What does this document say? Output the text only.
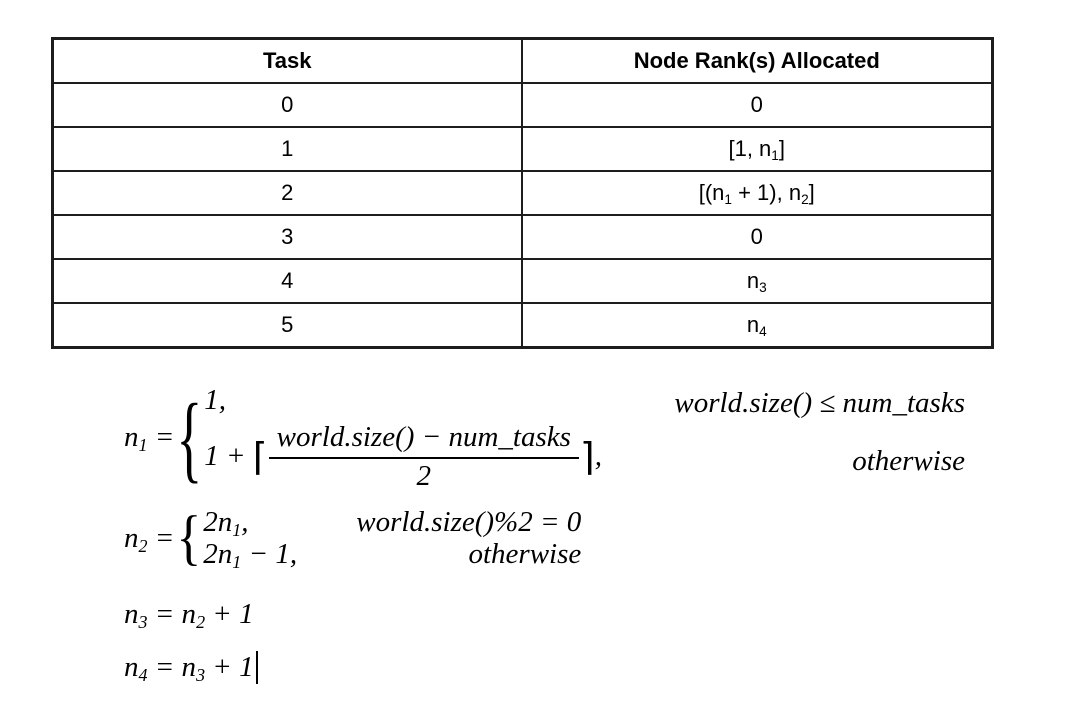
Task	Node Rank(s) Allocated
0	0
1	[1, $n_1$]
2	[$(n_1 + 1)$, $n_2$]
3	0
4	$n_3$
5	$n_4$
$n_1$ = { 1,
1 + ⌈ $\frac{\text{world.size() − num\_tasks}}{2}$ ⌉ ,
world.size() ≤ num_tasks
otherwise
$n_2$ = { $2n_1$,	world.size()%2 = 0
$2n_1 - 1$,	otherwise
$n_3 = n_2 + 1$
$n_4 = n_3 + 1$
